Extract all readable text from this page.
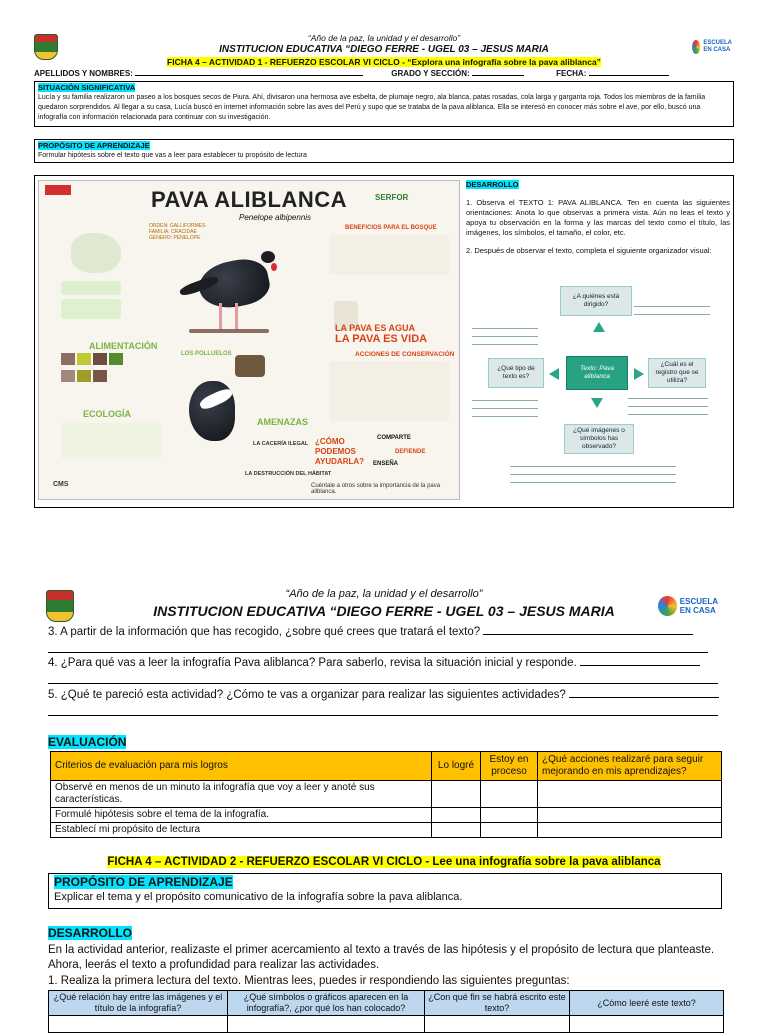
ESCUELA
EN CASA
“Año de la paz, la unidad y el desarrollo”
INSTITUCION EDUCATIVA “DIEGO FERRE - UGEL 03 – JESUS MARIA
FICHA 4 – ACTIVIDAD 1 - REFUERZO ESCOLAR VI CICLO - “Explora una infografía sobre la pava aliblanca”
APELLIDOS Y NOMBRES:	GRADO Y SECCIÓN:	FECHA:
SITUACIÓN SIGNIFICATIVA
Lucía y su familia realizaron un paseo a los bosques secos de Piura. Ahí, divisaron una hermosa ave esbelta, de plumaje negro, ala blanca, patas rosadas, cola larga y garganta roja. Todos los miembros de la familia quedaron sorprendidos. Al llegar a su casa, Lucía buscó en internet información sobre las aves del Perú y supo que se trataba de la pava aliblanca. Ella se interesó en conocer más sobre el ave, por ello, buscó una infografía con información relacionada para continuar con su investigación.
PROPÓSITO DE APRENDIZAJE
Formular hipótesis sobre el texto que vas a leer para establecer tu propósito de lectura
PAVA ALIBLANCA
Penelope albipennis
SERFOR
ORDEN: GALLIFORMES
FAMILIA: CRACIDAE
GÉNERO: PENELOPE
ALIMENTACIÓN
ECOLOGÍA
LOS POLLUELOS
BENEFICIOS PARA EL BOSQUE
LA PAVA ES AGUA
LA PAVA ES VIDA
ACCIONES DE CONSERVACIÓN
AMENAZAS
LA CACERÍA ILEGAL
LA DESTRUCCIÓN DEL HÁBITAT
¿CÓMO PODEMOS AYUDARLA?
COMPARTE
DEFIENDE
ENSEÑA
CMS	Cuéntale a otros sobre la importancia de la pava aliblanca.
DESARROLLO
1. Observa el TEXTO 1: PAVA ALIBLANCA. Ten en cuenta las siguientes orientaciones: Anota lo que observas a primera vista. Aún no leas el texto y apoya tu observación en la forma y las marcas del texto como el título, las imágenes, los símbolos, el tamaño, el color, etc.
2. Después de observar el texto, completa el siguiente organizador visual:
¿A quiénes está dirigido?
Texto: Pava aliblanca
¿Qué tipo de texto es?
¿Cuál es el registro que se utiliza?
¿Qué imágenes o símbolos has observado?
ESCUELA
EN CASA
“Año de la paz, la unidad y el desarrollo”
INSTITUCION EDUCATIVA “DIEGO FERRE - UGEL 03 – JESUS MARIA
3. A partir de la información que has recogido, ¿sobre qué crees que tratará el texto?
4. ¿Para qué vas a leer la infografía Pava aliblanca? Para saberlo, revisa la situación inicial y responde.
5. ¿Qué te pareció esta actividad? ¿Cómo te vas a organizar para realizar las siguientes actividades?
EVALUACIÓN
Criterios de evaluación para mis logros	Lo logré	Estoy en proceso	¿Qué acciones realizaré para seguir mejorando en mis aprendizajes?
Observé en menos de un minuto la infografía que voy a leer y anoté sus características.			
Formulé hipótesis sobre el tema de la infografía.			
Establecí mi propósito de lectura			
FICHA 4 – ACTIVIDAD 2 - REFUERZO ESCOLAR VI CICLO - Lee una infografía sobre la pava aliblanca
PROPÓSITO DE APRENDIZAJE
Explicar el tema y el propósito comunicativo de la infografía sobre la pava aliblanca.
DESARROLLO
En la actividad anterior, realizaste el primer acercamiento al texto a través de las hipótesis y el propósito de lectura que planteaste. Ahora, leerás el texto a profundidad para realizar las actividades.
1. Realiza la primera lectura del texto. Mientras lees, puedes ir respondiendo las siguientes preguntas:
¿Qué relación hay entre las imágenes y el título de la infografía?	¿Qué símbolos o gráficos aparecen en la infografía?, ¿por qué los han colocado?	¿Con qué fin se habrá escrito este texto?	¿Cómo leeré este texto?
